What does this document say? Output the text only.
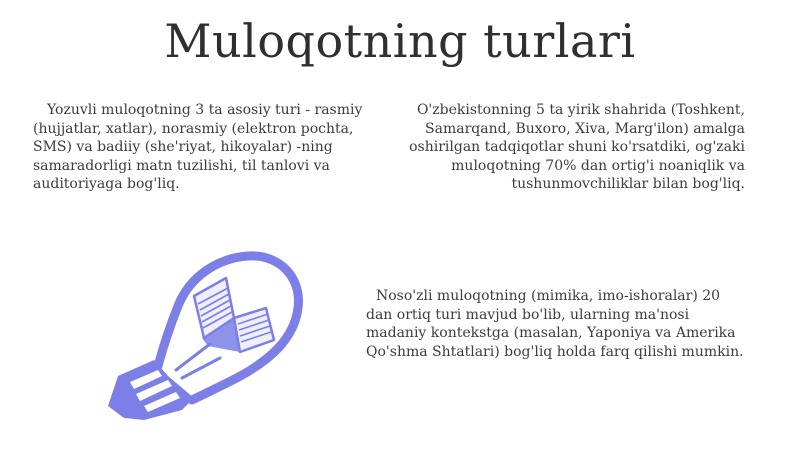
Muloqotning turlari
Yozuvli muloqotning 3 ta asosiy turi - rasmiy (hujjatlar, xatlar), norasmiy (elektron pochta, SMS) va badiiy (she'riyat, hikoyalar) -ning samaradorligi matn tuzilishi, til tanlovi va auditoriyaga bog'liq.
O'zbekistonning 5 ta yirik shahrida (Toshkent, Samarqand, Buxoro, Xiva, Marg'ilon) amalga oshirilgan tadqiqotlar shuni ko'rsatdiki, og'zaki muloqotning 70% dan ortig'i noaniqlik va tushunmovchiliklar bilan bog'liq.
Noso'zli muloqotning (mimika, imo-ishoralar) 20 dan ortiq turi mavjud bo'lib, ularning ma'nosi madaniy kontekstga (masalan, Yaponiya va Amerika Qo'shma Shtatlari) bog'liq holda farq qilishi mumkin.
